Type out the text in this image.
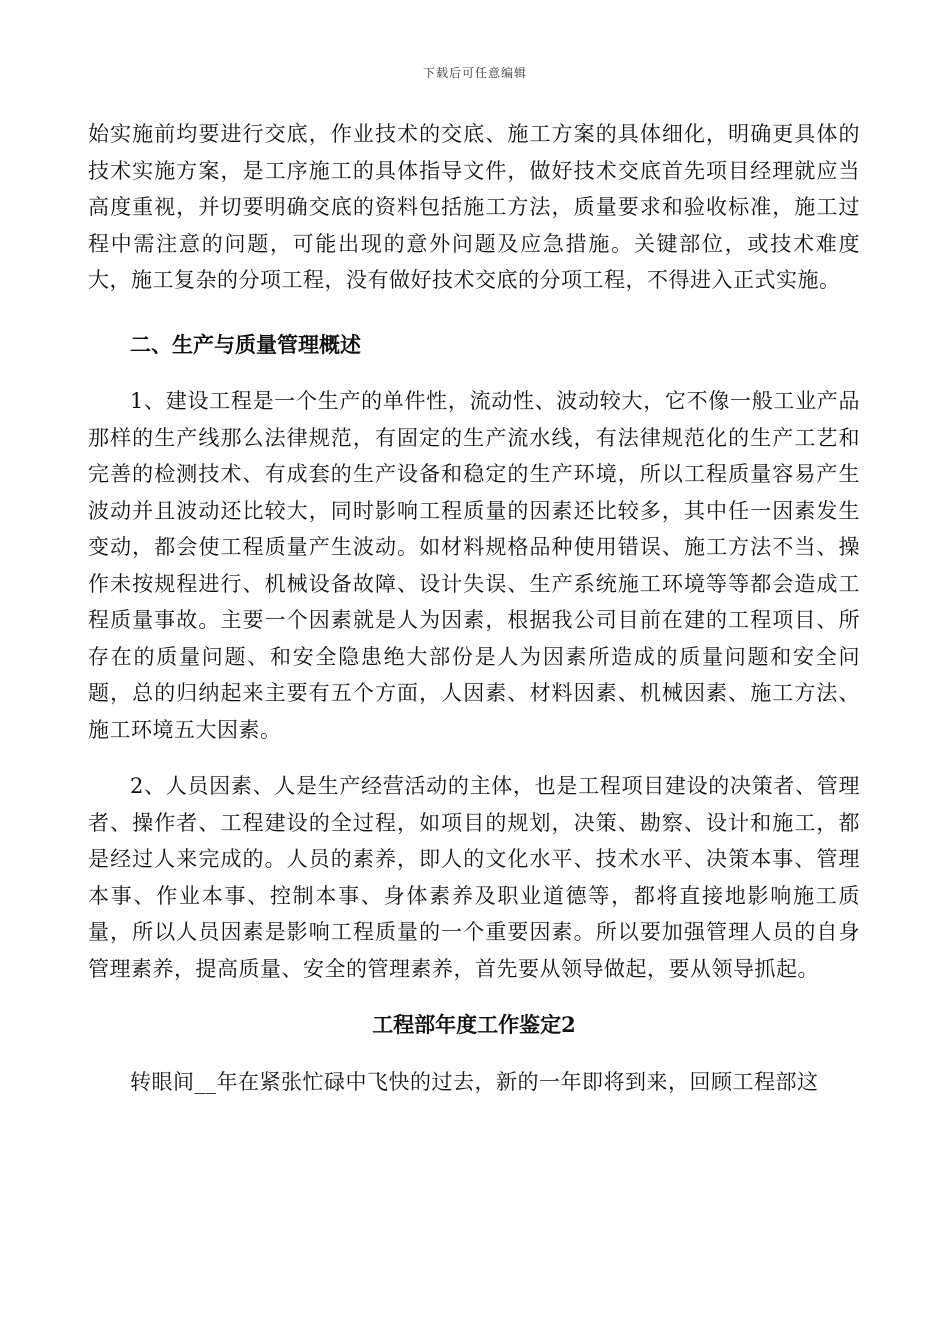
下载后可任意编辑

始实施前均要进行交底，作业技术的交底、施工方案的具体细化，明确更具体的技术实施方案，是工序施工的具体指导文件，做好技术交底首先项目经理就应当高度重视，并切要明确交底的资料包括施工方法，质量要求和验收标准，施工过程中需注意的问题，可能出现的意外问题及应急措施。关键部位，或技术难度大，施工复杂的分项工程，没有做好技术交底的分项工程，不得进入正式实施。

二、生产与质量管理概述

1、建设工程是一个生产的单件性，流动性、波动较大，它不像一般工业产品那样的生产线那么法律规范，有固定的生产流水线，有法律规范化的生产工艺和完善的检测技术、有成套的生产设备和稳定的生产环境，所以工程质量容易产生波动并且波动还比较大，同时影响工程质量的因素还比较多，其中任一因素发生变动，都会使工程质量产生波动。如材料规格品种使用错误、施工方法不当、操作未按规程进行、机械设备故障、设计失误、生产系统施工环境等等都会造成工程质量事故。主要一个因素就是人为因素，根据我公司目前在建的工程项目、所存在的质量问题、和安全隐患绝大部份是人为因素所造成的质量问题和安全问题，总的归纳起来主要有五个方面，人因素、材料因素、机械因素、施工方法、施工环境五大因素。

2、人员因素、人是生产经营活动的主体，也是工程项目建设的决策者、管理者、操作者、工程建设的全过程，如项目的规划，决策、勘察、设计和施工，都是经过人来完成的。人员的素养，即人的文化水平、技术水平、决策本事、管理本事、作业本事、控制本事、身体素养及职业道德等，都将直接地影响施工质量，所以人员因素是影响工程质量的一个重要因素。所以要加强管理人员的自身管理素养，提高质量、安全的管理素养，首先要从领导做起，要从领导抓起。

工程部年度工作鉴定2

转眼间__年在紧张忙碌中飞快的过去，新的一年即将到来，回顾工程部这
